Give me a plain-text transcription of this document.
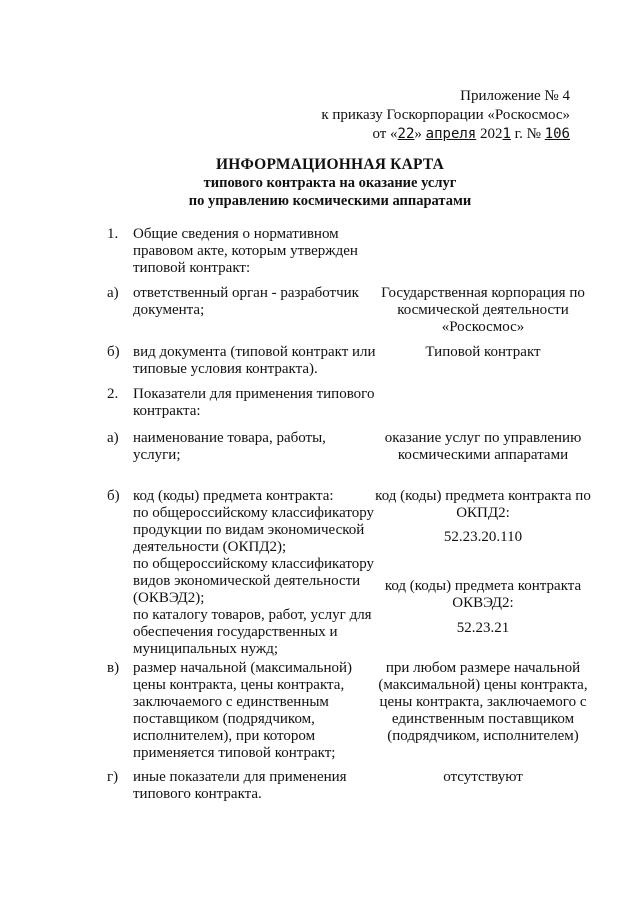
Приложение № 4
к приказу Госкорпорации «Роскосмос»
от «22» апреля 2021 г. № 106
ИНФОРМАЦИОННАЯ КАРТА
типового контракта на оказание услуг
по управлению космическими аппаратами
1. Общие сведения о нормативном
правовом акте, которым утвержден
типовой контракт:
а) ответственный орган - разработчик
документа;
Государственная корпорация по
космической деятельности
«Роскосмос»
б) вид документа (типовой контракт или
типовые условия контракта).
Типовой контракт
2. Показатели для применения типового
контракта:
а) наименование товара, работы,
услуги;
оказание услуг по управлению
космическими аппаратами
б) код (коды) предмета контракта:
по общероссийскому классификатору
продукции по видам экономической
деятельности (ОКПД2);
по общероссийскому классификатору
видов экономической деятельности
(ОКВЭД2);
по каталогу товаров, работ, услуг для
обеспечения государственных и
муниципальных нужд;
код (коды) предмета контракта по
ОКПД2:
52.23.20.110
код (коды) предмета контракта
ОКВЭД2:
52.23.21
в) размер начальной (максимальной)
цены контракта, цены контракта,
заключаемого с единственным
поставщиком (подрядчиком,
исполнителем), при котором
применяется типовой контракт;
при любом размере начальной
(максимальной) цены контракта,
цены контракта, заключаемого с
единственным поставщиком
(подрядчиком, исполнителем)
г) иные показатели для применения
типового контракта.
отсутствуют
